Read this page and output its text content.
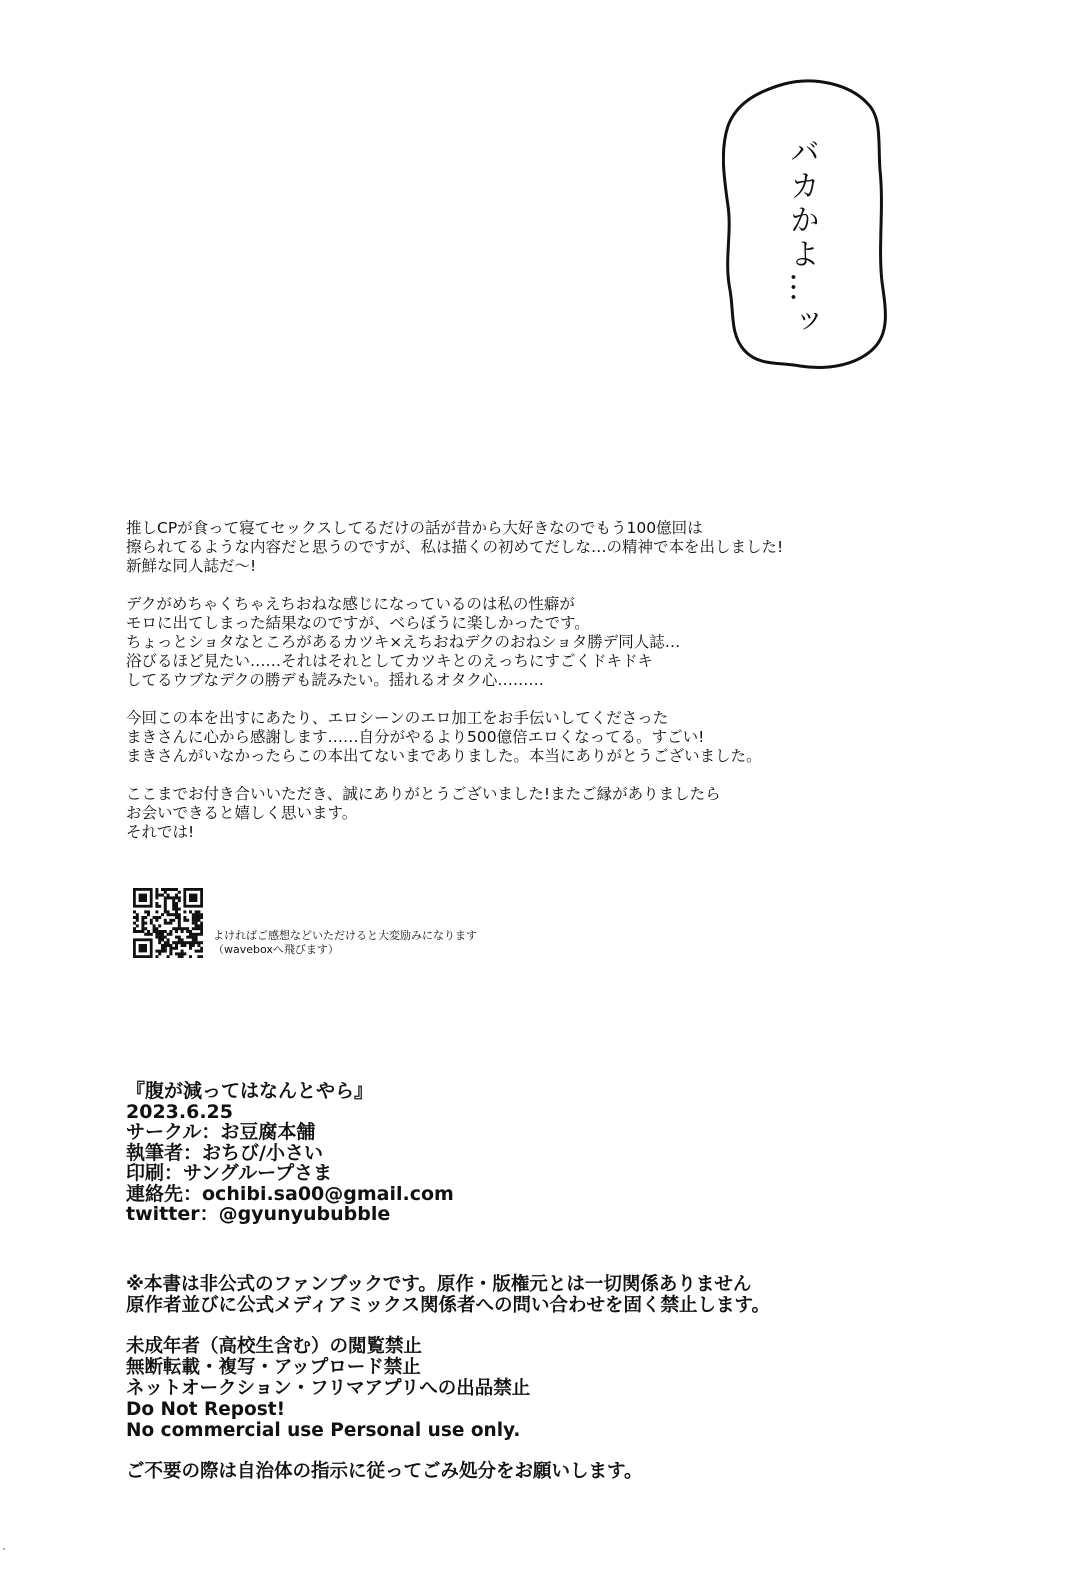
バカかよ…ッ
推しCPが食って寝てセックスしてるだけの話が昔から大好きなのでもう100億回は
擦られてるような内容だと思うのですが、私は描くの初めてだしな…の精神で本を出しました!
新鮮な同人誌だ〜!
デクがめちゃくちゃえちおねな感じになっているのは私の性癖が
モロに出てしまった結果なのですが、べらぼうに楽しかったです。
ちょっとショタなところがあるカツキ×えちおねデクのおねショタ勝デ同人誌…
浴びるほど見たい……それはそれとしてカツキとのえっちにすごくドキドキ
してるウブなデクの勝デも読みたい。揺れるオタク心………
今回この本を出すにあたり、エロシーンのエロ加工をお手伝いしてくださった
まきさんに心から感謝します……自分がやるより500億倍エロくなってる。すごい!
まきさんがいなかったらこの本出てないまでありました。本当にありがとうございました。
ここまでお付き合いいただき、誠にありがとうございました!またご縁がありましたら
お会いできると嬉しく思います。
それでは!
よければご感想などいただけると大変励みになります
（waveboxへ飛びます）
『腹が減ってはなんとやら』
2023.6.25
サークル：お豆腐本舗
執筆者：おちび/小さい
印刷：サングループさま
連絡先：ochibi.sa00@gmail.com
twitter：@gyunyububble
※本書は非公式のファンブックです。原作・版権元とは一切関係ありません
原作者並びに公式メディアミックス関係者への問い合わせを固く禁止します。
未成年者（高校生含む）の閲覧禁止
無断転載・複写・アップロード禁止
ネットオークション・フリマアプリへの出品禁止
Do Not Repost!
No commercial use Personal use only.
ご不要の際は自治体の指示に従ってごみ処分をお願いします。
